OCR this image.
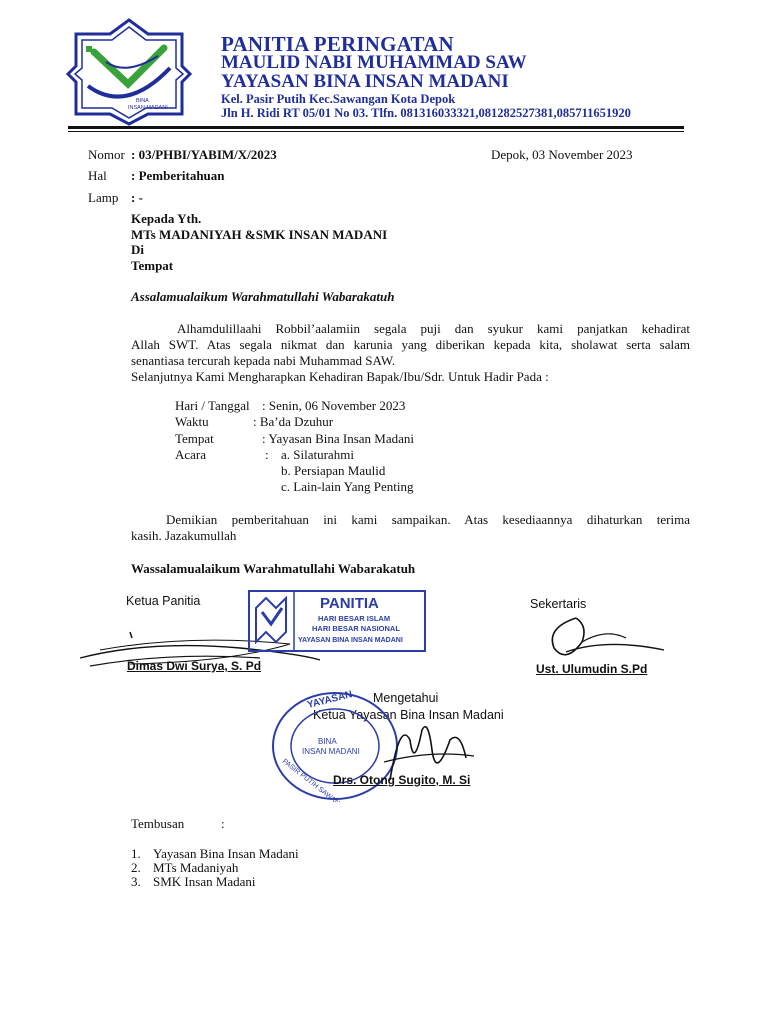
BINA
INSAN MADANI
PANITIA PERINGATAN
MAULID NABI MUHAMMAD SAW
YAYASAN BINA INSAN MADANI
Kel. Pasir Putih Kec.Sawangan Kota Depok
Jln H. Ridi RT 05/01 No 03. Tlfn. 081316033321,081282527381,085711651920
Nomor : 03/PHBI/YABIM/X/2023	Depok, 03 November 2023
Hal : Pemberitahuan
Lamp : -
Kepada Yth.
MTs MADANIYAH &SMK INSAN MADANI
Di
Tempat
Assalamualaikum Warahmatullahi Wabarakatuh
Alhamdulillaahi Robbil’aalamiin segala puji dan syukur kami panjatkan kehadirat
Allah SWT. Atas segala nikmat dan karunia yang diberikan kepada kita, sholawat serta salam
senantiasa tercurah kepada nabi Muhammad SAW.
Selanjutnya Kami Mengharapkan Kehadiran Bapak/Ibu/Sdr. Untuk Hadir Pada :
Hari / Tanggal : Senin, 06 November 2023
Waktu	: Ba’da Dzuhur
Tempat	: Yayasan Bina Insan Madani
Acara	: a. Silaturahmi
b. Persiapan Maulid
c. Lain-lain Yang Penting
Demikian pemberitahuan ini kami sampaikan. Atas kesediaannya dihaturkan terima
kasih. Jazakumullah
Wassalamualaikum Warahmatullahi Wabarakatuh
Ketua Panitia
Dimas Dwi Surya, S. Pd
PANITIA
HARI BESAR ISLAM
HARI BESAR NASIONAL
YAYASAN BINA INSAN MADANI
Sekertaris
Ust. Ulumudin S.Pd
Mengetahui
Ketua Yayasan Bina Insan Madani
YAYASAN
PASIR PUTIH SAWANGAN
BINA
INSAN MADANI
Drs. Otong Sugito, M. Si
Tembusan	:
1. Yayasan Bina Insan Madani
2. MTs Madaniyah
3. SMK Insan Madani
